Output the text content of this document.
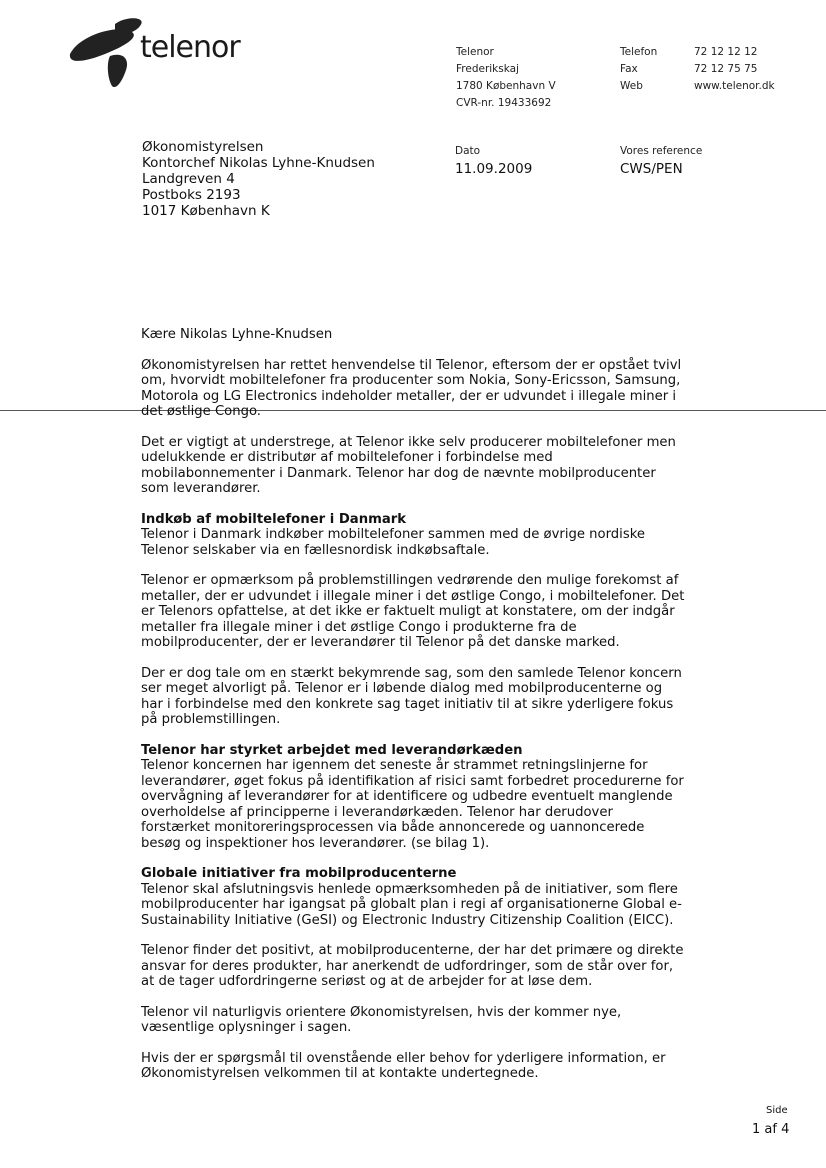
telenor	Telenor
Frederikskaj
1780 København V
CVR-nr. 19433692
Telefon
Fax
Web
72 12 12 12
72 12 75 75
www.telenor.dk
Økonomistyrelsen
Kontorchef Nikolas Lyhne-Knudsen
Landgreven 4
Postboks 2193
1017 København K
Dato
11.09.2009
Vores reference
CWS/PEN

Kære Nikolas Lyhne-Knudsen

Økonomistyrelsen har rettet henvendelse til Telenor, eftersom der er opstået tvivl om, hvorvidt mobiltelefoner fra producenter som Nokia, Sony-Ericsson, Samsung, Motorola og LG Electronics indeholder metaller, der er udvundet i illegale miner i det østlige Congo.

Det er vigtigt at understrege, at Telenor ikke selv producerer mobiltelefoner men udelukkende er distributør af mobiltelefoner i forbindelse med mobilabonnementer i Danmark. Telenor har dog de nævnte mobilproducenter som leverandører.

Indkøb af mobiltelefoner i Danmark
Telenor i Danmark indkøber mobiltelefoner sammen med de øvrige nordiske Telenor selskaber via en fællesnordisk indkøbsaftale.

Telenor er opmærksom på problemstillingen vedrørende den mulige forekomst af metaller, der er udvundet i illegale miner i det østlige Congo, i mobiltelefoner. Det er Telenors opfattelse, at det ikke er faktuelt muligt at konstatere, om der indgår metaller fra illegale miner i det østlige Congo i produkterne fra de mobilproducenter, der er leverandører til Telenor på det danske marked.

Der er dog tale om en stærkt bekymrende sag, som den samlede Telenor koncern ser meget alvorligt på. Telenor er i løbende dialog med mobilproducenterne og har i forbindelse med den konkrete sag taget initiativ til at sikre yderligere fokus på problemstillingen.

Telenor har styrket arbejdet med leverandørkæden
Telenor koncernen har igennem det seneste år strammet retningslinjerne for leverandører, øget fokus på identifikation af risici samt forbedret procedurerne for overvågning af leverandører for at identificere og udbedre eventuelt manglende overholdelse af principperne i leverandørkæden. Telenor har derudover forstærket monitoreringsprocessen via både annoncerede og uannoncerede besøg og inspektioner hos leverandører. (se bilag 1).
Globale initiativer fra mobilproducenterne
Telenor skal afslutningsvis henlede opmærksomheden på de initiativer, som flere mobilproducenter har igangsat på globalt plan i regi af organisationerne Global e-Sustainability Initiative (GeSI) og Electronic Industry Citizenship Coalition (EICC).

Telenor finder det positivt, at mobilproducenterne, der har det primære og direkte ansvar for deres produkter, har anerkendt de udfordringer, som de står over for, at de tager udfordringerne seriøst og at de arbejder for at løse dem.

Telenor vil naturligvis orientere Økonomistyrelsen, hvis der kommer nye, væsentlige oplysninger i sagen.

Hvis der er spørgsmål til ovenstående eller behov for yderligere information, er Økonomistyrelsen velkommen til at kontakte undertegnede.

Side
1 af 4
